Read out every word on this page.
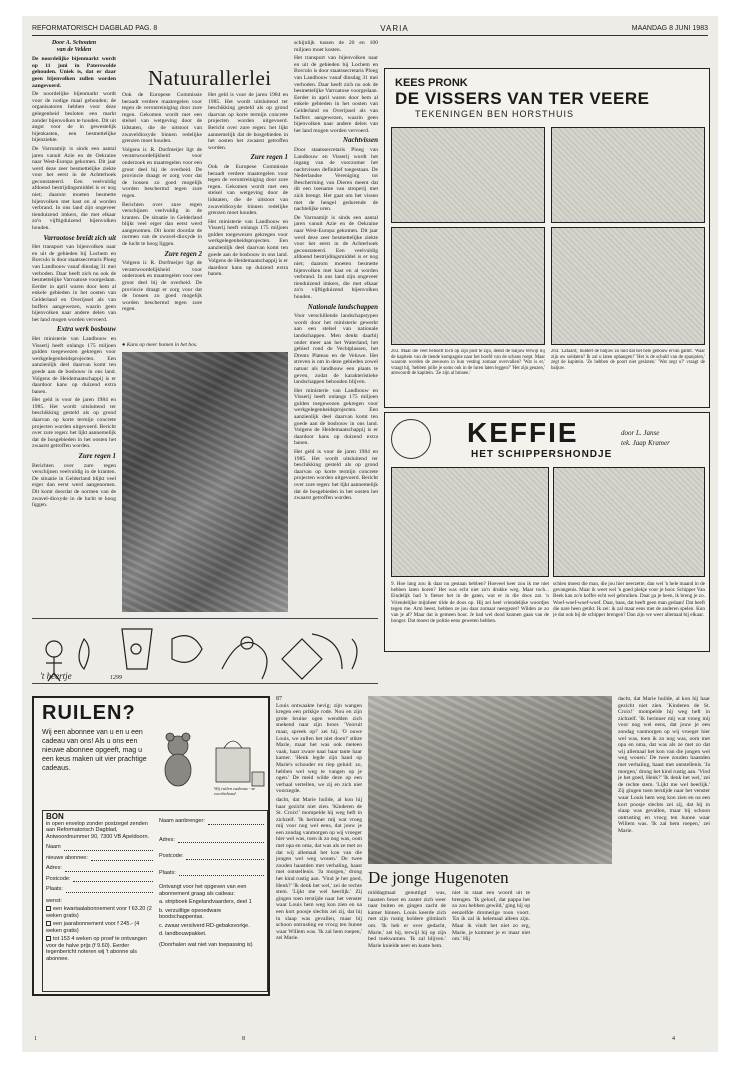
REFORMATORISCH DAGBLAD PAG. 8	VARIA	MAANDAG 8 JUNI 1983
Door A. Schouten
van de Velden

De noordelijke bijenmarkt wordt op 11 juni in Paterswolde gehouden. Uniek is, dat er daar geen bijenvolken zullen worden aangevoerd.

De noordelijke bijenmarkt wordt voor de nodige maal gehouden; de organisatoren hebben voor deze gelegenheid besloten een markt zonder bijenvolken te houden. Dit uit angst voor de in gewestelijk bijenkasten, een besmettelijke bijenziekte.

De Varroamijt is sinds een aantal jaren vanuit Azie en de Oekraine naar West-Europa gekomen. Dit jaar werd deze zeer besmettelijke ziekte voor het eerst in de Achterhoek geconstateerd. Een veelvuldig afdoend bestrijdingsmiddel is er nog niet; daarom moeten besmette bijenvolken met kast en al worden verbrand. In ons land zijn ongeveer tienduizend imkers, die met elkaar zo'n vijftigduizend bijenvolken houden.

Varraotose breidt zich uit

Het transport van bijenvolken naar en uit de gebieden bij Lochem en Borculo is door staatssecretaris Ploeg van Landbouw vanaf dinsdag 31 mei verboden. Daar heeft zich nu ook de besmettelijke Varroatose voorgedaan. Eerder in april waren door hem al enkele gebieden in het oosten van Gelderland en Overijssel als van buffers aangewezen, waarin geen bijenvolken naar andere delen van het land mogen worden vervoerd.

Extra werk bosbouw

Het ministerie van Landbouw en Visserij heeft onlangs 175 miljoen gulden toegewezen gekregen voor werkgelegenheidsprojecten. Een aanzienlijk deel daarvan komt ten goede aan de bosbouw in ons land. Volgens de Heidemaatschappij is er daardoor kans op duizend extra banen.

Het geld is voor de jaren 1984 en 1985. Het wordt uitsluitend ter beschikking gesteld als op grond daarvan op korte termijn concrete projecten worden uitgevoerd. Bericht over zure regen: het lijkt aannemelijk dat de bosgebieden in het oosten het zwaarst getroffen worden.

Zure regen 1

Berichten over zure regen verschijnen veelvuldig in de kranten. De situatie in Gelderland blijkt veel erger dan eerst werd aangenomen. Dit komt doordat de normen van de zwavel-dioxyde in de lucht te hoog liggen.

Natuurallerlei

Ook de Europese Commissie beraadt verdere maatregelen voor tegen de verontreiniging door zure regen. Gekomen wordt met een stelsel van wetgeving door de lidstaten, die de uitstoot van zwaveldioxyde binnen redelijke grenzen moet houden.

Volgens ir. R. Dorfmeijer ligt de verantwoordelijkheid voor onderzoek en maatregelen voor een groot deel bij de overheid. De provincie draagt er zorg voor dat de bossen zo goed mogelijk worden beschermd tegen zure regen.

Berichten over zure regen verschijnen veelvuldig in de kranten. De situatie in Gelderland blijkt veel erger dan eerst werd aangenomen. Dit komt doordat de normen van de zwavel-dioxyde in de lucht te hoog liggen.

Zure regen 2

Volgens ir. R. Dorfmeijer ligt de verantwoordelijkheid voor onderzoek en maatregelen voor een groot deel bij de overheid. De provincie draagt er zorg voor dat de bossen zo goed mogelijk worden beschermd tegen zure regen.

Het geld is voor de jaren 1984 en 1985. Het wordt uitsluitend ter beschikking gesteld als op grond daarvan op korte termijn concrete projecten worden uitgevoerd. Bericht over zure regen: het lijkt aannemelijk dat de bosgebieden in het oosten het zwaarst getroffen worden.

Zure regen 1

Ook de Europese Commissie beraadt verdere maatregelen voor tegen de verontreiniging door zure regen. Gekomen wordt met een stelsel van wetgeving door de lidstaten, die de uitstoot van zwaveldioxyde binnen redelijke grenzen moet houden.

Het ministerie van Landbouw en Visserij heeft onlangs 175 miljoen gulden toegewezen gekregen voor werkgelegenheidsprojecten. Een aanzienlijk deel daarvan komt ten goede aan de bosbouw in ons land. Volgens de Heidemaatschappij is er daardoor kans op duizend extra banen.

schijnlijk tussen de 20 en 100 miljoen moet kosten.

Het transport van bijenvolken naar en uit de gebieden bij Lochem en Borculo is door staatssecretaris Ploeg van Landbouw vanaf dinsdag 31 mei verboden. Daar heeft zich nu ook de besmettelijke Varroatose voorgedaan. Eerder in april waren door hem al enkele gebieden in het oosten van Gelderland en Overijssel als van buffers aangewezen, waarin geen bijenvolken naar andere delen van het land mogen worden vervoerd.

Nachtvissen

Door staatssecretaris Ploeg van Landbouw en Visserij wordt het ingang van de voorzomer het nachtvissen definitief toegestaan. De Nederlandse Vereniging tot Bescherming van Dieren meent dat dit een toename van stroperij met zich brengt. Het gaat om het vissen met de hengel gedurende de nachtelijke uren.

De Varroamijt is sinds een aantal jaren vanuit Azie en de Oekraine naar West-Europa gekomen. Dit jaar werd deze zeer besmettelijke ziekte voor het eerst in de Achterhoek geconstateerd. Een veelvuldig afdoend bestrijdingsmiddel is er nog niet; daarom moeten besmette bijenvolken met kast en al worden verbrand. In ons land zijn ongeveer tienduizend imkers, die met elkaar zo'n vijftigduizend bijenvolken houden.

Nationale landschappen

Voor verschillende landschapstypen wordt door het ministerie gewerkt aan een stelsel van nationale landschappen. Men denkt daarbij onder meer aan het Waterland, het gebied rond de Vechtplassen, het Drents Plateau en de Veluwe. Het streven is om in deze gebieden zowel natuur als landbouw een plaats te geven, zodat de karakteristieke landschappen behouden blijven.

Het ministerie van Landbouw en Visserij heeft onlangs 175 miljoen gulden toegewezen gekregen voor werkgelegenheidsprojecten. Een aanzienlijk deel daarvan komt ten goede aan de bosbouw in ons land. Volgens de Heidemaatschappij is er daardoor kans op duizend extra banen.

Het geld is voor de jaren 1984 en 1985. Het wordt uitsluitend ter beschikking gesteld als op grond daarvan op korte termijn concrete projecten worden uitgevoerd. Bericht over zure regen: het lijkt aannemelijk dat de bosgebieden in het oosten het zwaarst getroffen worden.

● Kans op meer bomen in het bos.
't heertje	1299
KEES PRONK
DE VISSERS VAN TER VEERE
TEKENINGEN BEN HORSTHUIS
263. Maar die veel behoeft toch op zijn post te zijn, denkt de baljuw terwijl hij de kapitein van de tiende kompagnie naar het hoofd van de schans roept. Maar waarom worden de zeeuwen in hun vesting zomaar overvallen? 'Wat is er,' vraagt hij, 'hebben jullie je soms ook in de luren laten leggen?' 'Het zijn geuzen,' antwoordt de kapitein. 'Ze zijn al binnen.'
264. 'Lafaard,' buldert de baljuw zo luid dat het hele gebouw ervan galmt. 'Waar zijn uw soldaten? Ik zal u laten ophangen!' 'Het is de schuld van de spanjolen,' zegt de kapitein. 'Ze hebben de poort niet gesloten.' 'Wat zegt u?' vraagt de baljuw.
KEFFIE
HET SCHIPPERSHONDJE
door L. Janse
tek. Jaap Kramer
9. Hoe lang zou ik daar nu gestaan hebben? Hoeveel keer zou ik me niet hebben laten horen? Het was echt niet zo'n drukke weg. Maar toch... Eindelijk had 'n fietser het in de gaten, wat er in die doos zat. 'n Vriendelijke mijnheer tilde de doos op. Hij zei heel vriendelijke woordjes tegen me. Arm beest, hebben ze jou daar zomaar neergezet? Wilden ze zo van je af? Maar dat is gemeen hoor. Je had wel dood kunnen gaan van de honger. Dat moest de politie eens geweten hebben.
schien moest die man, die jou hier neerzette, dan wel 'n hele maand in de gevangenis. Maar ik weet wel 'n goed plekje voor je hoor. Schipper Van Beek kan zo'n koffer echt wel gebruiken. Daar ga je heen, ik breng je zo. Woef-woef-woef-woef. Daar, baas, dat heeft geen man gedaan! Dat heeft die nare heen getikt. Ik zei: ik zal maar eens met de anderen spelen. Kun je dat ook bij de schipper brengen? Dan zijn we weer allemaal bij elkaar.
RUILEN?
Wij een abonnee van u en u een cadeau van ons! Als u ons een nieuwe abonnee opgeeft, mag u een keus maken uit vier prachtige cadeaus.
Wij ruilen cadeaus - ze voorbehoud
BON
in open envelop zonder postzegel zenden aan Reformatorisch Dagblad, Antwoordnummer 90, 7300 VB Apeldoorn.
Naam
nieuwe abonnee:
Adres:
Postcode:
Plaats:
wenst:
een kwartaalabonnement voor f 63.20 (2 weken gratis)
een jaarabonnement voor f 245.- (4 weken gratis)
tot 153 4 weken op proef te ontvangen voor de halve prijs (f 9.60). Eerder tegenbericht noteren wij 't abonne als abonnee.
Naam aanbrenger:
Adres:
Postcode:
Plaats:
Ontvangt voor het opgeven van een abonnement graag als cadeau:
a. stripboek Engelandvaarders, deel 1
b. verzuiltige opvoedware boodschappentas.
c. zwaar versilverd RD-gebaksvorkje.
d. landbouwpakket.
(Doorhalen wat niet van toepassing is)
87

Louis ontwaakte hevig; zijn wangen kregen een prikkje rode. Nou en zijn grote bruine ogen wendden zich snekend naar zijn broer. 'Vooruit maar, spreek op!' zei hij. 'O ouwe Louis, we zullen het niet doen!' stikte Marie, maar het was ook meteen vaak, haar zware naar haar tante haar kamer. 'Henk legde zijn hand op Marie's schouder en riep geluid: zo, hebben wel weg te vangen op je ogen.' De meid wilde deze op een verhaal vertellen, we zij en zich niet voorzegde.

dacht, dat Marie huilde, al kon hij haar gezicht niet zien. 'Kinderen de St. Croix!' mompelde hij weg heft in zichzelf. 'Ik herinner mij wat vroeg mij voor nog wel eens, dat jouw je een zondag vanmorgen op wij vroeger hier wel was, toen ik zo nog was, oom met opa en oma, dat was als ze met zo dat wij allemaal het kon van die jongen wel weg wouen.' De twee zouden haastden met verhaling, haast met ontstellenis. 'Ja morgen,' drong het kind rustig aan. 'Vind je het goed, Henk?' 'Ik denk het wel,' zei de rechte stem. 'Lijkt me wel heerlijk.' Zij gingen toen terstijde naar het venster waar Louis hem weg kon zien en na een kort poosje slechts zei zij, dat hij in slaap was gevallen, maar bij schoon ontrusting en vrocg ten hunne waar Willem was. 'Ik zal hem roepen,' zei Marie.

De jonge Hugenoten

middagmaal genuttigd was, haasten broer en zuster zich weer naar buiten en gingen zacht de kamer binnen. Louis keerde zich met zijn rustig holdere glimlach om. 'Ik heb er over gedacht, Marie,' zei hij, terwijl hij op zijn bed toekwamen. 'Ik zal blijven.' Marie knielde neer en kuste hem.

niet in staat een woord uit te brengen. 'Ik geloof, dat pappa het zo zou hebben gewild,' ging hij op eenzelfde dromerige toon voort. 'En ik zal ik helemaal alleen zijn. Maar ik vindt het niet zo erg, Marie, je kommer je er maar niet om.' Hij

dacht, dat Marie huilde, al kon hij haar gezicht niet zien. 'Kinderen de St. Croix!' mompelde hij weg heft in zichzelf. 'Ik herinner mij wat vroeg mij voor nog wel eens, dat jouw je een zondag vanmorgen op wij vroeger hier wel was, toen ik zo nog was, oom met opa en oma, dat was als ze met zo dat wij allemaal het kon van die jongen wel weg wouen.' De twee zouden haastden met verhaling, haast met ontstellenis. 'Ja morgen,' drong het kind rustig aan. 'Vind je het goed, Henk?' 'Ik denk het wel,' zei de rechte stem. 'Lijkt me wel heerlijk.' Zij gingen toen terstijde naar het venster waar Louis hem weg kon zien en na een kort poosje slechts zei zij, dat hij in slaap was gevallen, maar bij schoon ontrusting en vrocg ten hunne waar Willem was. 'Ik zal hem roepen,' zei Marie.

1	8	4
